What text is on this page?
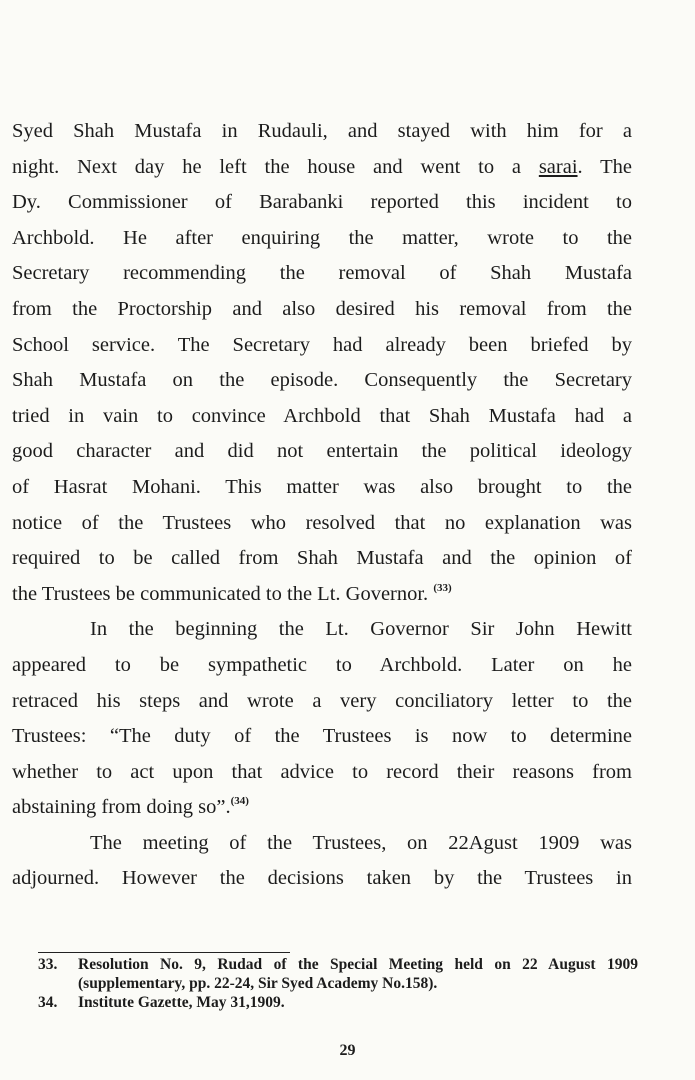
Syed Shah Mustafa in Rudauli, and stayed with him for a
night. Next day he left the house and went to a sarai. The
Dy. Commissioner of Barabanki reported this incident to
Archbold. He after enquiring the matter, wrote to the
Secretary recommending the removal of Shah Mustafa
from the Proctorship and also desired his removal from the
School service. The Secretary had already been briefed by
Shah Mustafa on the episode. Consequently the Secretary
tried in vain to convince Archbold that Shah Mustafa had a
good character and did not entertain the political ideology
of Hasrat Mohani. This matter was also brought to the
notice of the Trustees who resolved that no explanation was
required to be called from Shah Mustafa and the opinion of
the Trustees be communicated to the Lt. Governor. $^{(33)}$
In the beginning the Lt. Governor Sir John Hewitt
appeared to be sympathetic to Archbold. Later on he
retraced his steps and wrote a very conciliatory letter to the
Trustees: “The duty of the Trustees is now to determine
whether to act upon that advice to record their reasons from
abstaining from doing so”.$^{(34)}$
The meeting of the Trustees, on 22Agust 1909 was
adjourned. However the decisions taken by the Trustees in
33.	Resolution No. 9, Rudad of the Special Meeting held on 22 August 1909 (supplementary, pp. 22-24, Sir Syed Academy No.158).
34.	Institute Gazette, May 31,1909.
29
